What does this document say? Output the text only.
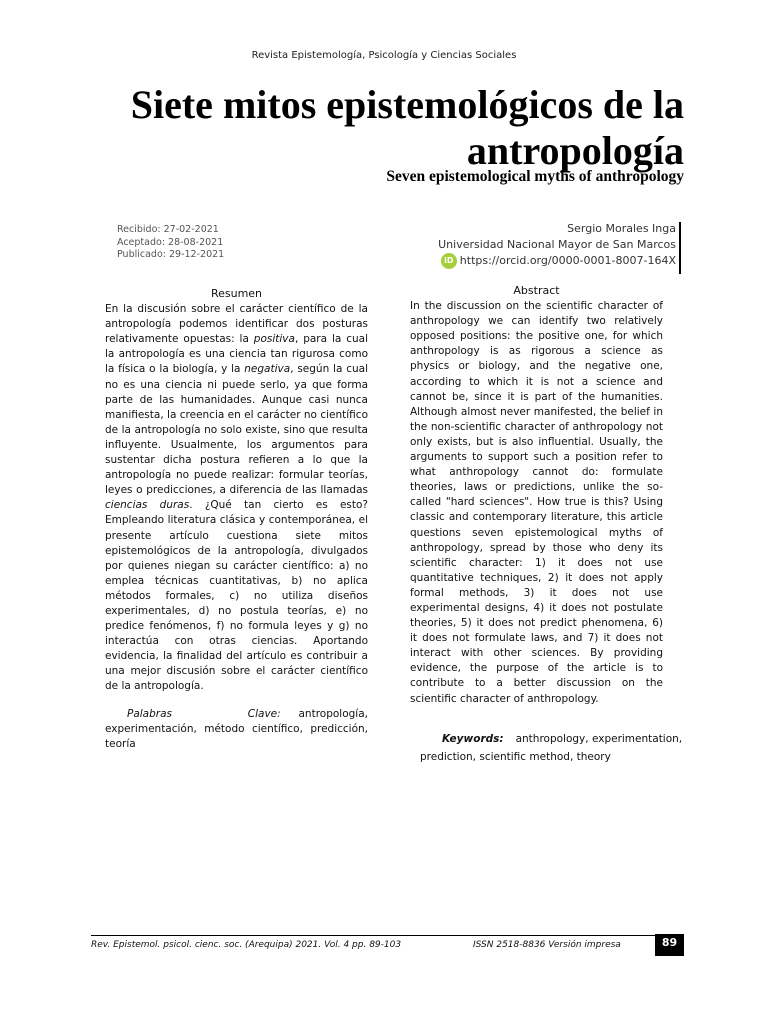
Revista Epistemología, Psicología y Ciencias Sociales
Siete mitos epistemológicos de la antropología
Seven epistemological myths of anthropology
Recibido: 27-02-2021
Aceptado: 28-08-2021
Publicado: 29-12-2021
Sergio Morales Inga
Universidad Nacional Mayor de San Marcos
iD https://orcid.org/0000-0001-8007-164X
Resumen

En la discusión sobre el carácter científico de la antropología podemos identificar dos posturas relativamente opuestas: la positiva, para la cual la antropología es una ciencia tan rigurosa como la física o la biología, y la negativa, según la cual no es una ciencia ni puede serlo, ya que forma parte de las humanidades. Aunque casi nunca manifiesta, la creencia en el carácter no científico de la antropología no solo existe, sino que resulta influyente. Usualmente, los argumentos para sustentar dicha postura refieren a lo que la antropología no puede realizar: formular teorías, leyes o predicciones, a diferencia de las llamadas ciencias duras. ¿Qué tan cierto es esto? Empleando literatura clásica y contemporánea, el presente artículo cuestiona siete mitos epistemológicos de la antropología, divulgados por quienes niegan su carácter científico: a) no emplea técnicas cuantitativas, b) no aplica métodos formales, c) no utiliza diseños experimentales, d) no postula teorías, e) no predice fenómenos, f) no formula leyes y g) no interactúa con otras ciencias. Aportando evidencia, la finalidad del artículo es contribuir a una mejor discusión sobre el carácter científico de la antropología.

Palabras Clave: antropología, experimentación, método científico, predicción, teoría

Abstract

In the discussion on the scientific character of anthropology we can identify two relatively opposed positions: the positive one, for which anthropology is as rigorous a science as physics or biology, and the negative one, according to which it is not a science and cannot be, since it is part of the humanities. Although almost never manifested, the belief in the non-scientific character of anthropology not only exists, but is also influential. Usually, the arguments to support such a position refer to what anthropology cannot do: formulate theories, laws or predictions, unlike the so-called "hard sciences". How true is this? Using classic and contemporary literature, this article questions seven epistemological myths of anthropology, spread by those who deny its scientific character: 1) it does not use quantitative techniques, 2) it does not apply formal methods, 3) it does not use experimental designs, 4) it does not postulate theories, 5) it does not predict phenomena, 6) it does not formulate laws, and 7) it does not interact with other sciences. By providing evidence, the purpose of the article is to contribute to a better discussion on the scientific character of anthropology.

Keywords: anthropology, experimentation, prediction, scientific method, theory
Rev. Epistemol. psicol. cienc. soc. (Arequipa) 2021. Vol. 4 pp. 89-103	ISSN 2518-8836 Versión impresa	89
